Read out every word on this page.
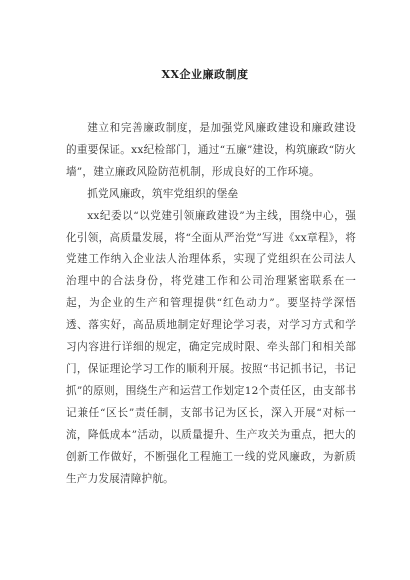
XX企业廉政制度

建立和完善廉政制度，是加强党风廉政建设和廉政建设的重要保证。xx纪检部门，通过“五廉”建设，构筑廉政“防火墙”，建立廉政风险防范机制，形成良好的工作环境。

抓党风廉政，筑牢党组织的堡垒

xx纪委以“以党建引领廉政建设”为主线，围绕中心，强化引领，高质量发展，将“全面从严治党”写进《xx章程》，将党建工作纳入企业法人治理体系，实现了党组织在公司法人治理中的合法身份，将党建工作和公司治理紧密联系在一起，为企业的生产和管理提供“红色动力”。要坚持学深悟透、落实好，高品质地制定好理论学习表，对学习方式和学习内容进行详细的规定，确定完成时限、牵头部门和相关部门，保证理论学习工作的顺利开展。按照“书记抓书记，书记抓”的原则，围绕生产和运营工作划定12个责任区，由支部书记兼任“区长”责任制，支部书记为区长，深入开展“对标一流，降低成本”活动，以质量提升、生产攻关为重点，把大的创新工作做好，不断强化工程施工一线的党风廉政，为新质生产力发展清障护航。
